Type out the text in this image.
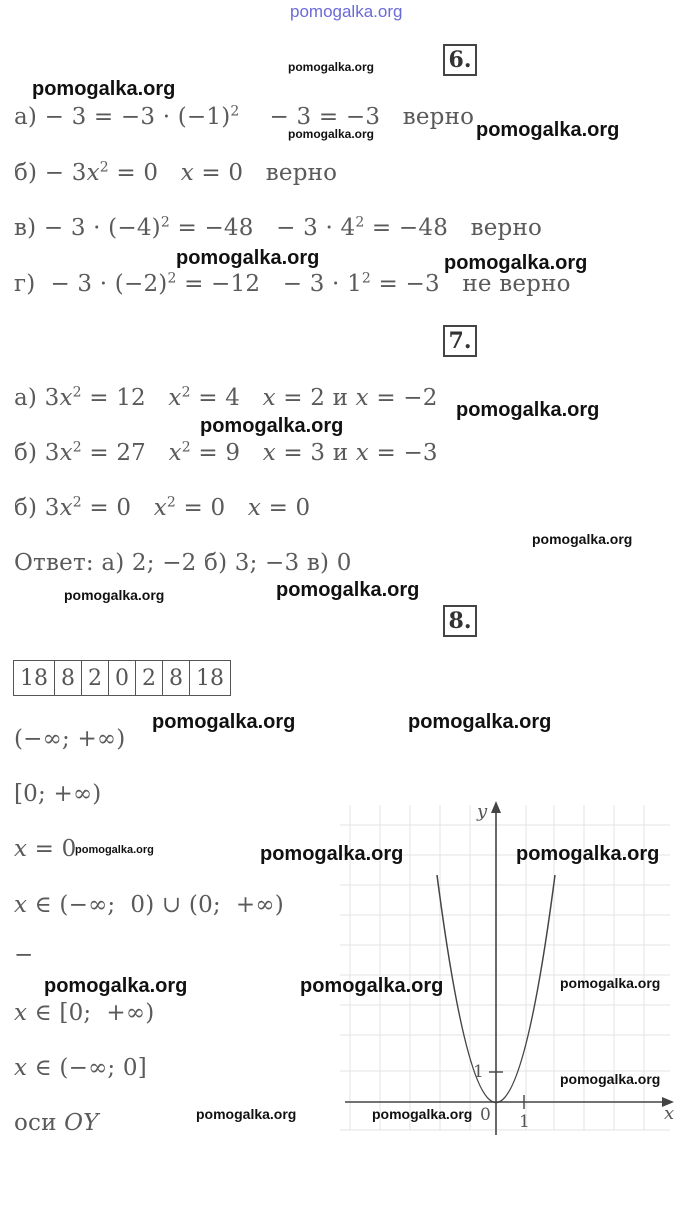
pomogalka.org
6.
$а) - 3 = -3 \cdot (-1)^2$    − 3 = −3   верно
$б) - 3x^2 = 0$   x = 0   верно
$в) - 3 \cdot (-4)^2 = -48 - 3 \cdot 4^2 = -48$   верно
$г) - 3 \cdot (-2)^2 = -12 - 3 \cdot 1^2 = -3$   не верно
7.
а) $3x^2 = 12$   $x^2 = 4$   x = 2 и x = −2
б) $3x^2 = 27$   $x^2 = 9$   x = 3 и x = −3
б) $3x^2 = 0$   $x^2 = 0$   x = 0
Ответ: а) 2; −2 б) 3; −3 в) 0
8.
18	8	2	0	2	8	18
(−∞; +∞)
[0; +∞)
x = 0
x ∈ (−∞;  0) ∪ (0;  +∞)
−
x ∈ [0;  +∞)
x ∈ (−∞; 0]
оси OY
y
x
0 1
1
pomogalka.org
pomogalka.org
pomogalka.org	pomogalka.org
pomogalka.org	pomogalka.org
pomogalka.org
pomogalka.org
pomogalka.org
pomogalka.org	pomogalka.org
pomogalka.org	pomogalka.org
pomogalka.org	pomogalka.org	pomogalka.org
pomogalka.org	pomogalka.org	pomogalka.org
pomogalka.org
pomogalka.org	pomogalka.org
